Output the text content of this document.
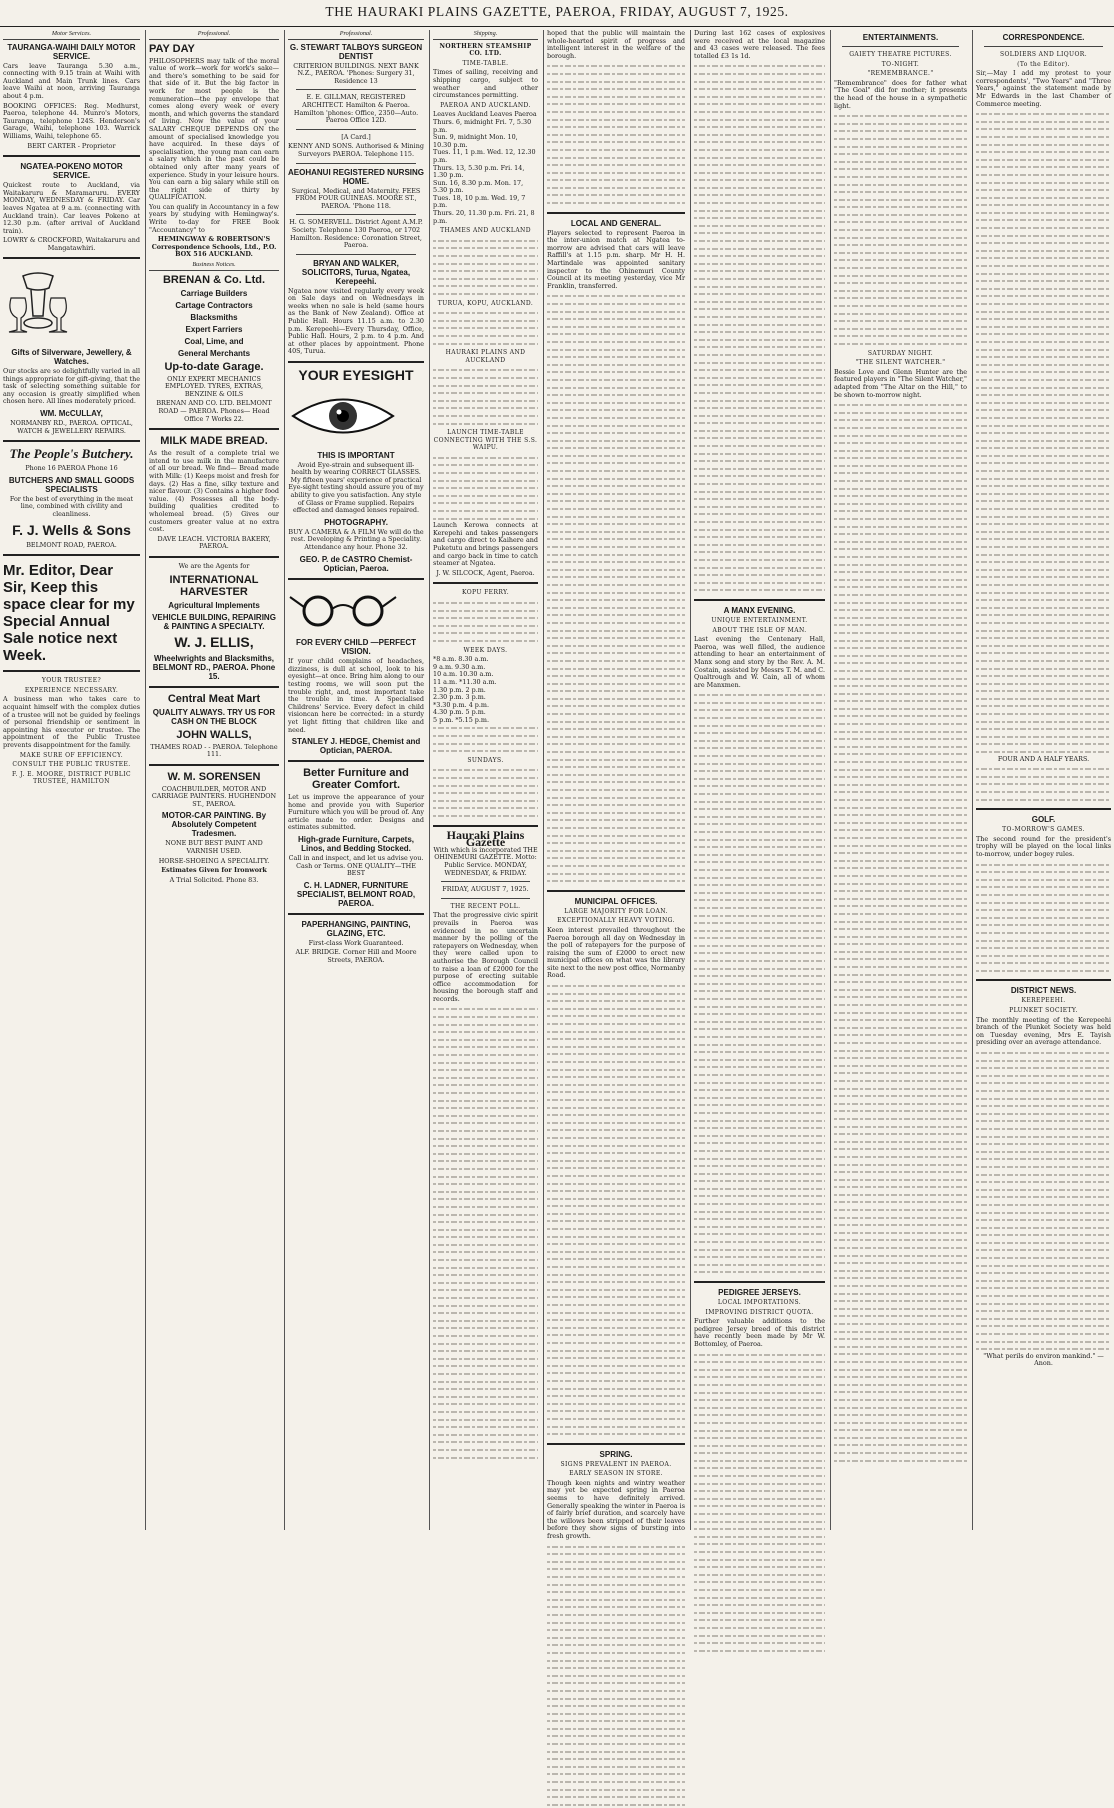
THE HAURAKI PLAINS GAZETTE, PAEROA, FRIDAY, AUGUST 7, 1925.
Motor Services.
TAURANGA-WAIHI DAILY MOTOR SERVICE.

Cars leave Tauranga 5.30 a.m., connecting with 9.15 train at Waihi with Auckland and Main Trunk lines. Cars leave Waihi at noon, arriving Tauranga about 4 p.m.

BOOKING OFFICES: Reg. Medhurst, Paeroa, telephone 44. Munro's Motors, Tauranga, telephone 124S. Henderson's Garage, Waihi, telephone 103. Warrick Williams, Waihi, telephone 65.

BERT CARTER - Proprietor

NGATEA-POKENO MOTOR SERVICE.

Quickest route to Auckland, via Waitakaruru & Maramaruru. EVERY MONDAY, WEDNESDAY & FRIDAY. Car leaves Ngatea at 9 a.m. (connecting with Auckland train). Car leaves Pokeno at 12.30 p.m. (after arrival of Auckland train).

LOWRY & CROCKFORD, Waitakaruru and Mangatawhiri.

Gifts of Silverware, Jewellery, & Watches.

Our stocks are so delightfully varied in all things appropriate for gift-giving, that the task of selecting something suitable for any occasion is greatly simplified when chosen here. All lines moderately priced.

WM. McCULLAY,

NORMANBY RD., PAEROA. OPTICAL, WATCH & JEWELLERY REPAIRS.

The People's Butchery.

Phone 16 PAEROA Phone 16

BUTCHERS AND SMALL GOODS SPECIALISTS

For the best of everything in the meat line, combined with civility and cleanliness.

F. J. Wells & Sons

BELMONT ROAD, PAEROA.

Mr. Editor, Dear Sir, Keep this space clear for my Special Annual Sale notice next Week.
YOUR TRUSTEE?
EXPERIENCE NECESSARY.

A business man who takes care to acquaint himself with the complex duties of a trustee will not be guided by feelings of personal friendship or sentiment in appointing his executor or trustee. The appointment of the Public Trustee prevents disappointment for the family.

MAKE SURE OF EFFICIENCY.
CONSULT THE PUBLIC TRUSTEE.
F. J. E. MOORE, DISTRICT PUBLIC TRUSTEE, HAMILTON
Professional.
PAY DAY

PHILOSOPHERS may talk of the moral value of work—work for work's sake—and there's something to be said for that side of it. But the big factor in work for most people is the remuneration—the pay envelope that comes along every week or every month, and which governs the standard of living. Now the value of your SALARY CHEQUE DEPENDS ON the amount of specialised knowledge you have acquired. In these days of specialisation, the young man can earn a salary which in the past could be obtained only after many years of experience. Study in your leisure hours. You can earn a big salary while still on the right side of thirty by QUALIFICATION.

You can qualify in Accountancy in a few years by studying with Hemingway's. Write to-day for FREE Book "Accountancy" to

HEMINGWAY & ROBERTSON'S Correspondence Schools, Ltd., P.O. BOX 516 AUCKLAND.

Business Notices.
BRENAN & Co. Ltd.
Carriage Builders
Cartage Contractors
Blacksmiths
Expert Farriers
Coal, Lime, and
General Merchants
Up-to-date Garage.

ONLY EXPERT MECHANICS EMPLOYED. TYRES, EXTRAS, BENZINE & OILS

BRENAN AND CO. LTD. BELMONT ROAD — PAEROA. Phones— Head Office 7 Works 22.

MILK MADE BREAD.

As the result of a complete trial we intend to use milk in the manufacture of all our bread. We find— Bread made with Milk: (1) Keeps moist and fresh for days. (2) Has a fine, silky texture and nicer flavour. (3) Contains a higher food value. (4) Possesses all the body-building qualities credited to wholemeal bread. (5) Gives our customers greater value at no extra cost.

DAVE LEACH. VICTORIA BAKERY, PAEROA.

We are the Agents for

INTERNATIONAL HARVESTER
Agricultural Implements
VEHICLE BUILDING, REPAIRING & PAINTING A SPECIALTY.
W. J. ELLIS,
Wheelwrights and Blacksmiths, BELMONT RD., PAEROA. Phone 15.
Central Meat Mart
QUALITY ALWAYS. TRY US FOR CASH ON THE BLOCK
JOHN WALLS,

THAMES ROAD - - PAEROA. Telephone 111.

W. M. SORENSEN

COACHBUILDER, MOTOR AND CARRIAGE PAINTERS. HUGHENDON ST., PAEROA.

MOTOR-CAR PAINTING. By Absolutely Competent Tradesmen.

NONE BUT BEST PAINT AND VARNISH USED.

HORSE-SHOEING A SPECIALITY.

Estimates Given for Ironwork

A Trial Solicited. Phone 83.

Professional.
G. STEWART TALBOYS SURGEON DENTIST

CRITERION BUILDINGS. NEXT BANK N.Z., PAEROA. 'Phones: Surgery 31, Residence 13

E. E. GILLMAN, REGISTERED ARCHITECT. Hamilton & Paeroa. Hamilton 'phones: Office, 2350—Auto. Paeroa Office 12D.

[A Card.]

KENNY AND SONS. Authorised & Mining Surveyors PAEROA. Telephone 115.

AEOHANUI REGISTERED NURSING HOME.

Surgical, Medical, and Maternity. FEES FROM FOUR GUINEAS. MOORE ST., PAEROA. 'Phone 118.

H. G. SOMERVELL. District Agent A.M.P. Society. Telephone 130 Paeroa, or 1702 Hamilton. Residence: Coronation Street, Paeroa.

BRYAN AND WALKER, SOLICITORS, Turua, Ngatea, Kerepeehi.

Ngatea now visited regularly every week on Sale days and on Wednesdays in weeks when no sale is held (same hours as the Bank of New Zealand). Office at Public Hall. Hours 11.15 a.m. to 2.30 p.m. Kerepeehi—Every Thursday, Office, Public Hall. Hours, 2 p.m. to 4 p.m. And at other places by appointment. Phone 40S, Turua.

YOUR EYESIGHT
THIS IS IMPORTANT

Avoid Eye-strain and subsequent ill-health by wearing CORRECT GLASSES. My fifteen years' experience of practical Eye-sight testing should assure you of my ability to give you satisfaction. Any style of Glass or Frame supplied. Repairs effected and damaged lenses repaired.

PHOTOGRAPHY.

BUY A CAMERA & A FILM We will do the rest. Developing & Printing a Speciality. Attendance any hour. Phone 32.

GEO. P. de CASTRO Chemist-Optician, Paeroa.
FOR EVERY CHILD —PERFECT VISION.

If your child complains of headaches, dizziness, is dull at school, look to his eyesight—at once. Bring him along to our testing rooms, we will soon put the trouble right, and, most important take the trouble in time. A Specialised Childrens' Service. Every defect in child visioncan here be corrected: in a sturdy yet light fitting that children like and need.

STANLEY J. HEDGE, Chemist and Optician, PAEROA.
Better Furniture and Greater Comfort.

Let us improve the appearance of your home and provide you with Superior Furniture which you will be proud of. Any article made to order. Designs and estimates submitted.

High-grade Furniture, Carpets, Linos, and Bedding Stocked.

Call in and inspect, and let us advise you. Cash or Terms. ONE QUALITY—THE BEST

C. H. LADNER, FURNITURE SPECIALIST, BELMONT ROAD, PAEROA.
PAPERHANGING, PAINTING, GLAZING, ETC.

First-class Work Guaranteed.

ALF. BRIDGE. Corner Hill and Moore Streets, PAEROA.

Shipping.
NORTHERN STEAMSHIP CO. LTD.
TIME-TABLE.

Times of sailing, receiving and shipping cargo, subject to weather and other circumstances permitting.

PAEROA AND AUCKLAND.
Leaves Auckland Leaves Paeroa
Thurs. 6, midnight Fri. 7, 5.30 p.m.
Sun. 9, midnight Mon. 10, 10.30 p.m.
Tues. 11, 1 p.m. Wed. 12, 12.30 p.m.
Thurs. 13, 5.30 p.m. Fri. 14, 1.30 p.m.
Sun. 16, 8.30 p.m. Mon. 17, 5.30 p.m.
Tues. 18, 10 p.m. Wed. 19, 7 p.m.
Thurs. 20, 11.30 p.m. Fri. 21, 8 p.m.
THAMES AND AUCKLAND
TURUA, KOPU, AUCKLAND.
HAURAKI PLAINS AND AUCKLAND
LAUNCH TIME-TABLE CONNECTING WITH THE S.S. WAIPU.

Launch Kerowa connects at Kerepehi and takes passengers and cargo direct to Kaihere and Puketutu and brings passengers and cargo back in time to catch steamer at Ngatea.

J. W. SILCOCK, Agent, Paeroa.

KOPU FERRY.
WEEK DAYS.
*8 a.m. 8.30 a.m.
9 a.m. 9.30 a.m.
10 a.m. 10.30 a.m.
11 a.m. *11.30 a.m.
1.30 p.m. 2 p.m.
2.30 p.m. 3 p.m.
*3.30 p.m. 4 p.m.
4.30 p.m. 5 p.m.
5 p.m. *5.15 p.m.
SUNDAYS.
Hauraki Plains Gazette

With which is incorporated THE OHINEMURI GAZETTE. Motto: Public Service. MONDAY, WEDNESDAY, & FRIDAY.

FRIDAY, AUGUST 7, 1925.

THE RECENT POLL.

That the progressive civic spirit prevails in Paeroa was evidenced in no uncertain manner by the polling of the ratepayers on Wednesday, when they were called upon to authorise the Borough Council to raise a loan of £2000 for the purpose of erecting suitable office accommodation for housing the borough staff and records.

hoped that the public will maintain the whole-hearted spirit of progress and intelligent interest in the welfare of the borough.

LOCAL AND GENERAL.

Players selected to represent Paeroa in the inter-union match at Ngatea to-morrow are advised that cars will leave Raffill's at 1.15 p.m. sharp. Mr H. H. Martindale was appointed sanitary inspector to the Ohinemuri County Council at its meeting yesterday, vice Mr Franklin, transferred.

MUNICIPAL OFFICES.
LARGE MAJORITY FOR LOAN.
EXCEPTIONALLY HEAVY VOTING.

Keen interest prevailed throughout the Paeroa borough all day on Wednesday in the poll of ratepayers for the purpose of raising the sum of £2000 to erect new municipal offices on what was the library site next to the new post office, Normanby Road.

SPRING.
SIGNS PREVALENT IN PAEROA.
EARLY SEASON IN STORE.

Though keen nights and wintry weather may yet be expected spring in Paeroa seems to have definitely arrived. Generally speaking the winter in Paeroa is of fairly brief duration, and scarcely have the willows been stripped of their leaves before they show signs of bursting into fresh growth.

During last 162 cases of explosives were received at the local magazine and 43 cases were released. The fees totalled £3 1s 1d.

A MANX EVENING.
UNIQUE ENTERTAINMENT.
ABOUT THE ISLE OF MAN.

Last evening the Centenary Hall, Paeroa, was well filled, the audience attending to hear an entertainment of Manx song and story by the Rev. A. M. Costain, assisted by Messrs T. M. and C. Qualtrough and W. Cain, all of whom are Manxmen.

PEDIGREE JERSEYS.
LOCAL IMPORTATIONS.
IMPROVING DISTRICT QUOTA.

Further valuable additions to the pedigree Jersey breed of this district have recently been made by Mr W. Bottomley, of Paeroa.

ENTERTAINMENTS.
GAIETY THEATRE PICTURES.
TO-NIGHT.
"REMEMBRANCE."

"Remembrance" does for father what "The Goal" did for mother; it presents the head of the house in a sympathetic light.

SATURDAY NIGHT.
"THE SILENT WATCHER."

Bessie Love and Glenn Hunter are the featured players in "The Silent Watcher," adapted from "The Altar on the Hill," to be shown to-morrow night.

CORRESPONDENCE.
SOLDIERS AND LIQUOR.
(To the Editor).

Sir,—May I add my protest to your correspondents', "Two Years" and "Three Years," against the statement made by Mr Edwards in the last Chamber of Commerce meeting.

FOUR AND A HALF YEARS.

GOLF.
TO-MORROW'S GAMES.

The second round for the president's trophy will be played on the local links to-morrow, under bogey rules.

DISTRICT NEWS.
KEREPEEHI.
PLUNKET SOCIETY.

The monthly meeting of the Kerepeehi branch of the Plunket Society was held on Tuesday evening, Mrs E. Tayish presiding over an average attendance.

"What perils do environ mankind." —Anon.
